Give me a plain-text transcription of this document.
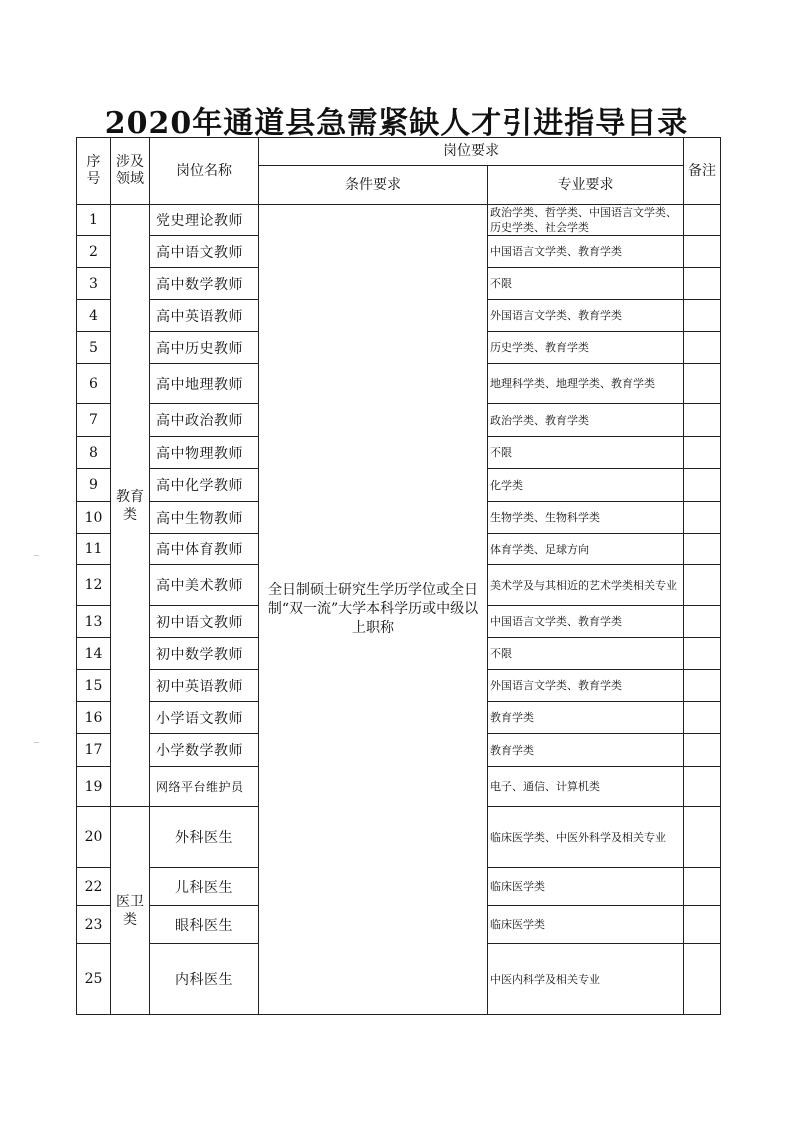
2020年通道县急需紧缺人才引进指导目录
序号	涉及领域	岗位名称	岗位要求		备注
			条件要求	专业要求	
1	教育类	党史理论教师	全日制硕士研究生学历学位或全日制“双一流”大学本科学历或中级以上职称	政治学类、哲学类、中国语言文学类、历史学类、社会学类	
2		高中语文教师		中国语言文学类、教育学类	
3		高中数学教师		不限	
4		高中英语教师		外国语言文学类、教育学类	
5		高中历史教师		历史学类、教育学类	
6		高中地理教师		地理科学类、地理学类、教育学类	
7		高中政治教师		政治学类、教育学类	
8		高中物理教师		不限	
9		高中化学教师		化学类	
10		高中生物教师		生物学类、生物科学类	
11		高中体育教师		体育学类、足球方向	
12		高中美术教师		美术学及与其相近的艺术学类相关专业	
13		初中语文教师		中国语言文学类、教育学类	
14		初中数学教师		不限	
15		初中英语教师		外国语言文学类、教育学类	
16		小学语文教师		教育学类	
17		小学数学教师		教育学类	
19		网络平台维护员		电子、通信、计算机类	
20	医卫类	外科医生		临床医学类、中医外科学及相关专业	
22		儿科医生		临床医学类	
23		眼科医生		临床医学类	
25		内科医生		中医内科学及相关专业	
